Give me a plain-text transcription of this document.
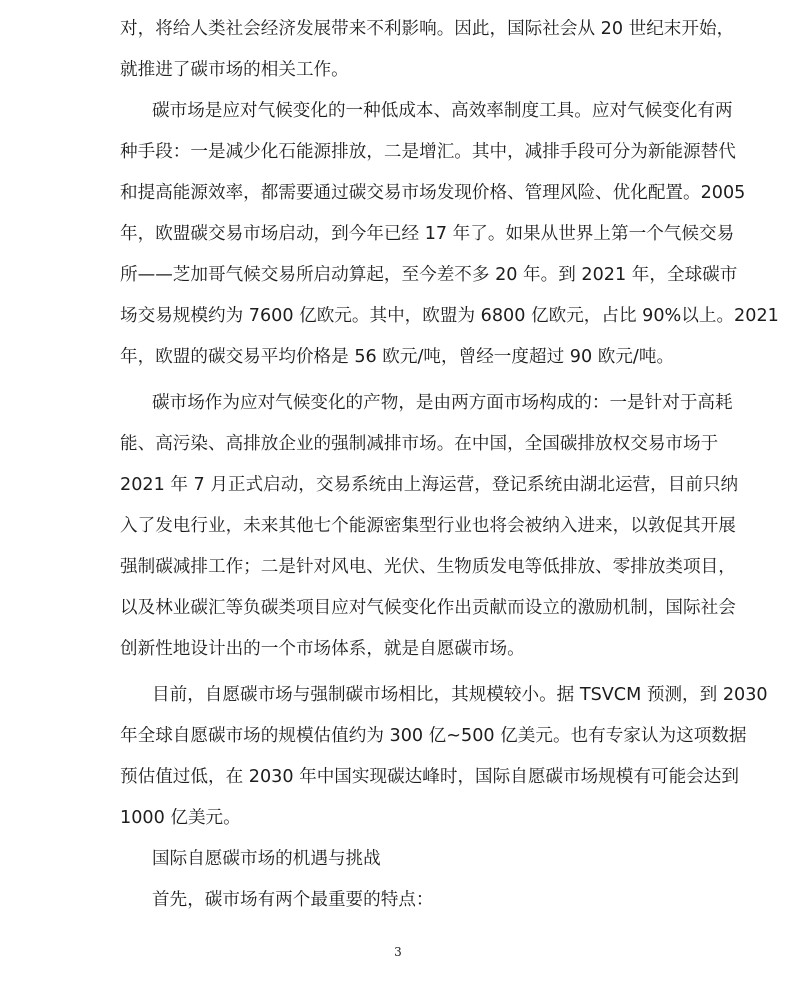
对，将给人类社会经济发展带来不利影响。因此，国际社会从 20 世纪末开始，
就推进了碳市场的相关工作。
碳市场是应对气候变化的一种低成本、高效率制度工具。应对气候变化有两
种手段：一是减少化石能源排放，二是增汇。其中，减排手段可分为新能源替代
和提高能源效率，都需要通过碳交易市场发现价格、管理风险、优化配置。2005
年，欧盟碳交易市场启动，到今年已经 17 年了。如果从世界上第一个气候交易
所——芝加哥气候交易所启动算起，至今差不多 20 年。到 2021 年，全球碳市
场交易规模约为 7600 亿欧元。其中，欧盟为 6800 亿欧元，占比 90%以上。2021
年，欧盟的碳交易平均价格是 56 欧元/吨，曾经一度超过 90 欧元/吨。
碳市场作为应对气候变化的产物，是由两方面市场构成的：一是针对于高耗
能、高污染、高排放企业的强制减排市场。在中国，全国碳排放权交易市场于
2021 年 7 月正式启动，交易系统由上海运营，登记系统由湖北运营，目前只纳
入了发电行业，未来其他七个能源密集型行业也将会被纳入进来，以敦促其开展
强制碳减排工作；二是针对风电、光伏、生物质发电等低排放、零排放类项目，
以及林业碳汇等负碳类项目应对气候变化作出贡献而设立的激励机制，国际社会
创新性地设计出的一个市场体系，就是自愿碳市场。
目前，自愿碳市场与强制碳市场相比，其规模较小。据 TSVCM 预测，到 2030
年全球自愿碳市场的规模估值约为 300 亿~500 亿美元。也有专家认为这项数据
预估值过低，在 2030 年中国实现碳达峰时，国际自愿碳市场规模有可能会达到
1000 亿美元。
国际自愿碳市场的机遇与挑战
首先，碳市场有两个最重要的特点：
3
